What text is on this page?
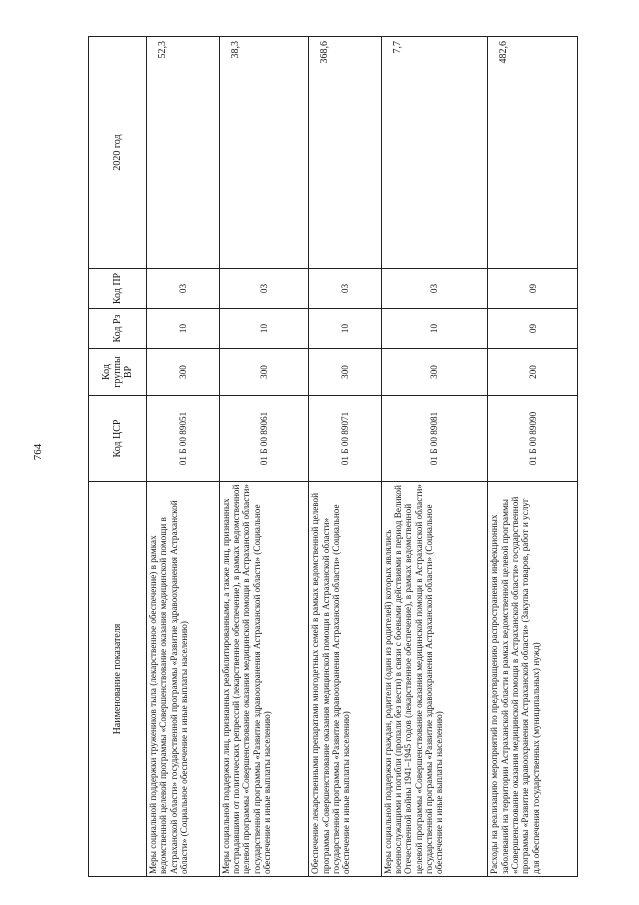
764
Наименование показателя	Код ЦСР	Код группы ВР	Код Рз	Код ПР	2020 год
Меры социальной поддержки тружеников тыла (лекарственное обеспечение) в рамках ведомственной целевой программы «Совершенствование оказания медицинской помощи в Астраханской области» государственной программы «Развитие здравоохранения Астраханской области» (Социальное обеспечение и иные выплаты населению)	01 Б 00 89051	300	10	03	52,3
Меры социальной поддержки лиц, признанных реабилитированными, а также лиц, признанных пострадавшими от политических репрессий (лекарственное обеспечение), в рамках ведомственной целевой программы «Совершенствование оказания медицинской помощи в Астраханской области» государственной программы «Развитие здравоохранения Астраханской области» (Социальное обеспечение и иные выплаты населению)	01 Б 00 89061	300	10	03	38,3
Обеспечение лекарственными препаратами многодетных семей в рамках ведомственной целевой программы «Совершенствование оказания медицинской помощи в Астраханской области» государственной программы «Развитие здравоохранения Астраханской области» (Социальное обеспечение и иные выплаты населению)	01 Б 00 89071	300	10	03	368,6
Меры социальной поддержки граждан, родители (один из родителей) которых являлись военнослужащими и погибли (пропали без вести) в связи с боевыми действиями в период Великой Отечественной войны 1941–1945 годов (лекарственное обеспечение), в рамках ведомственной целевой программы «Совершенствование оказания медицинской помощи в Астраханской области» государственной программы «Развитие здравоохранения Астраханской области» (Социальное обеспечение и иные выплаты населению)	01 Б 00 89081	300	10	03	7,7
Расходы на реализацию мероприятий по предотвращению распространения инфекционных заболеваний на территории Астраханской области в рамках ведомственной целевой программы «Совершенствование оказания медицинской помощи в Астраханской области» государственной программы «Развитие здравоохранения Астраханской области» (Закупка товаров, работ и услуг для обеспечения государственных (муниципальных) нужд)	01 Б 00 89090	200	09	09	482,6
